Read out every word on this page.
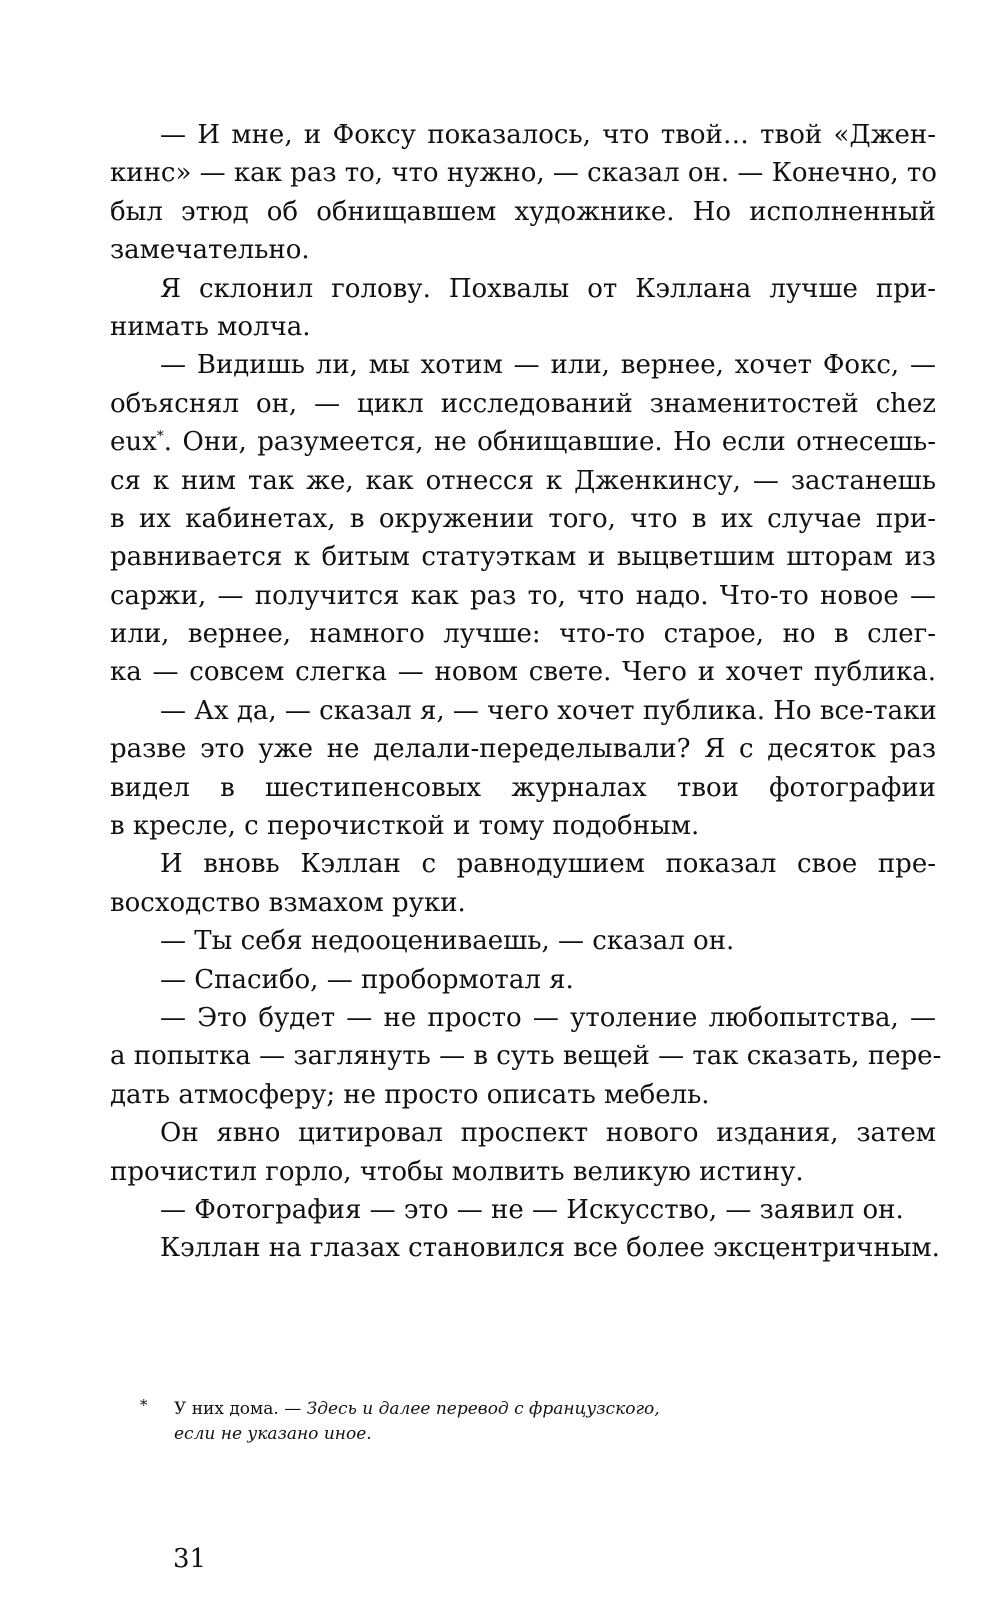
— И мне, и Фоксу показалось, что твой… твой «Джен-
кинс» — как раз то, что нужно, — сказал он. — Конечно, то
был этюд об обнищавшем художнике. Но исполненный
замечательно.
Я склонил голову. Похвалы от Кэллана лучше при-
нимать молча.
— Видишь ли, мы хотим — или, вернее, хочет Фокс, —
объяснял он, — цикл исследований знаменитостей chez
eux*. Они, разумеется, не обнищавшие. Но если отнесешь-
ся к ним так же, как отнесся к Дженкинсу, — застанешь
в их кабинетах, в окружении того, что в их случае при-
равнивается к битым статуэткам и выцветшим шторам из
саржи, — получится как раз то, что надо. Что-то новое —
или, вернее, намного лучше: что-то старое, но в слег-
ка — совсем слегка — новом свете. Чего и хочет публика.
— Ах да, — сказал я, — чего хочет публика. Но все-таки
разве это уже не делали-переделывали? Я с десяток раз
видел в шестипенсовых журналах твои фотографии
в кресле, с перочисткой и тому подобным.
И вновь Кэллан с равнодушием показал свое пре-
восходство взмахом руки.
— Ты себя недооцениваешь, — сказал он.
— Спасибо, — пробормотал я.
— Это будет — не просто — утоление любопытства, —
а попытка — заглянуть — в суть вещей — так сказать, пере-
дать атмосферу; не просто описать мебель.
Он явно цитировал проспект нового издания, затем
прочистил горло, чтобы молвить великую истину.
— Фотография — это — не — Искусство, — заявил он.
Кэллан на глазах становился все более эксцентричным.
*	У них дома. — Здесь и далее перевод с французского,
если не указано иное.
31
